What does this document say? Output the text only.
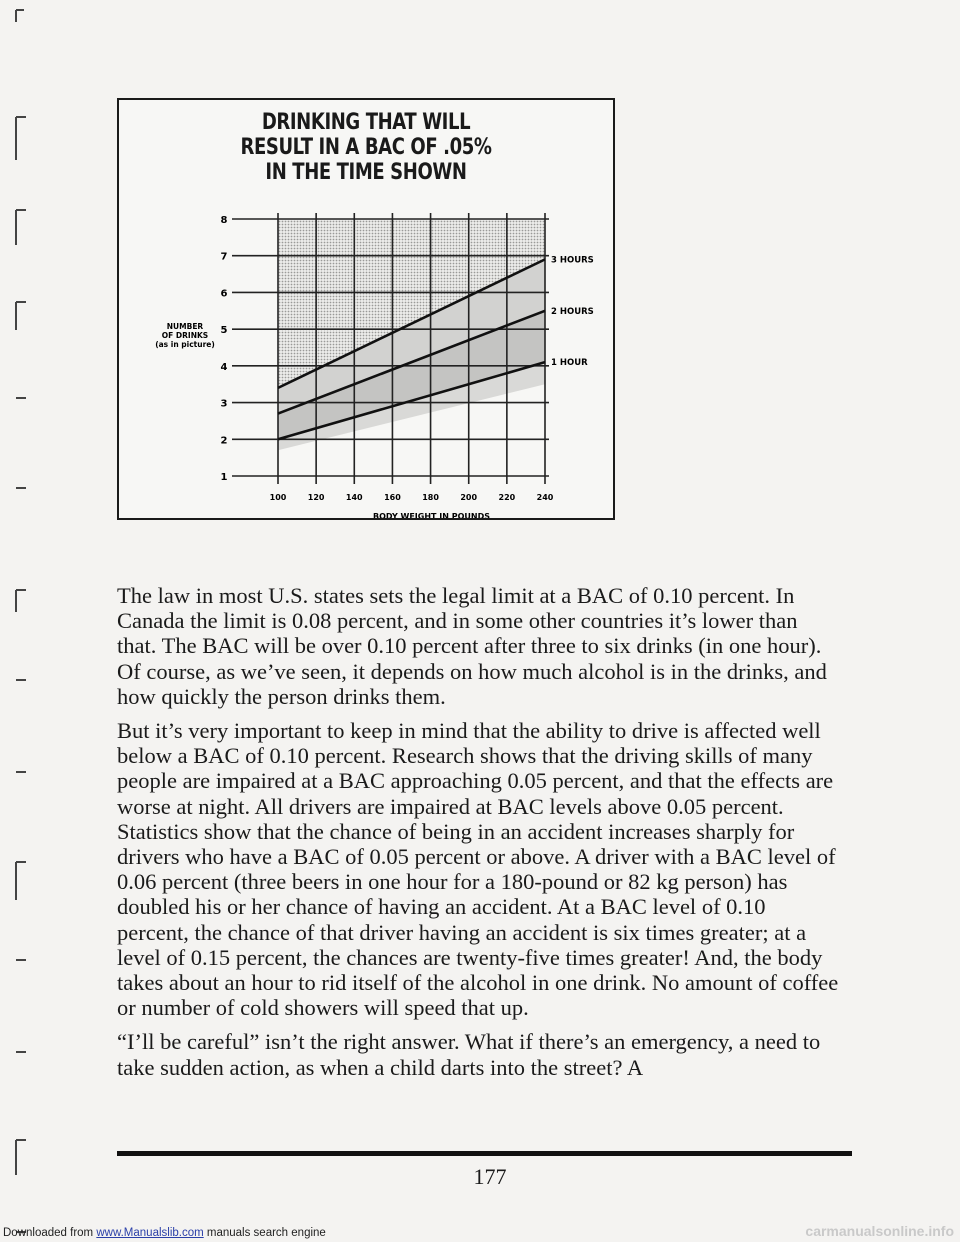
DRINKING THAT WILL
RESULT IN A BAC OF .05%
IN THE TIME SHOWN
100	120	140	160	180	200	220	240
1
2
3
4
5
6
7
8
3 HOURS
2 HOURS
1 HOUR
NUMBER
OF DRINKS
(as in picture)
BODY WEIGHT IN POUNDS

The law in most U.S. states sets the legal limit at a BAC of 0.10 percent. In Canada the limit is 0.08 percent, and in some other countries it’s lower than that. The BAC will be over 0.10 percent after three to six drinks (in one hour). Of course, as we’ve seen, it depends on how much alcohol is in the drinks, and how quickly the person drinks them.

But it’s very important to keep in mind that the ability to drive is affected well below a BAC of 0.10 percent. Research shows that the driving skills of many people are impaired at a BAC approaching 0.05 percent, and that the effects are worse at night. All drivers are impaired at BAC levels above 0.05 percent. Statistics show that the chance of being in an accident increases sharply for drivers who have a BAC of 0.05 percent or above. A driver with a BAC level of 0.06 percent (three beers in one hour for a 180-pound or 82 kg person) has doubled his or her chance of having an accident. At a BAC level of 0.10 percent, the chance of that driver having an accident is six times greater; at a level of 0.15 percent, the chances are twenty-five times greater! And, the body takes about an hour to rid itself of the alcohol in one drink. No amount of coffee or number of cold showers will speed that up.

“I’ll be careful” isn’t the right answer. What if there’s an emergency, a need to take sudden action, as when a child darts into the street? A

177
Downloaded from www.Manualslib.com manuals search engine	carmanualsonline.info
